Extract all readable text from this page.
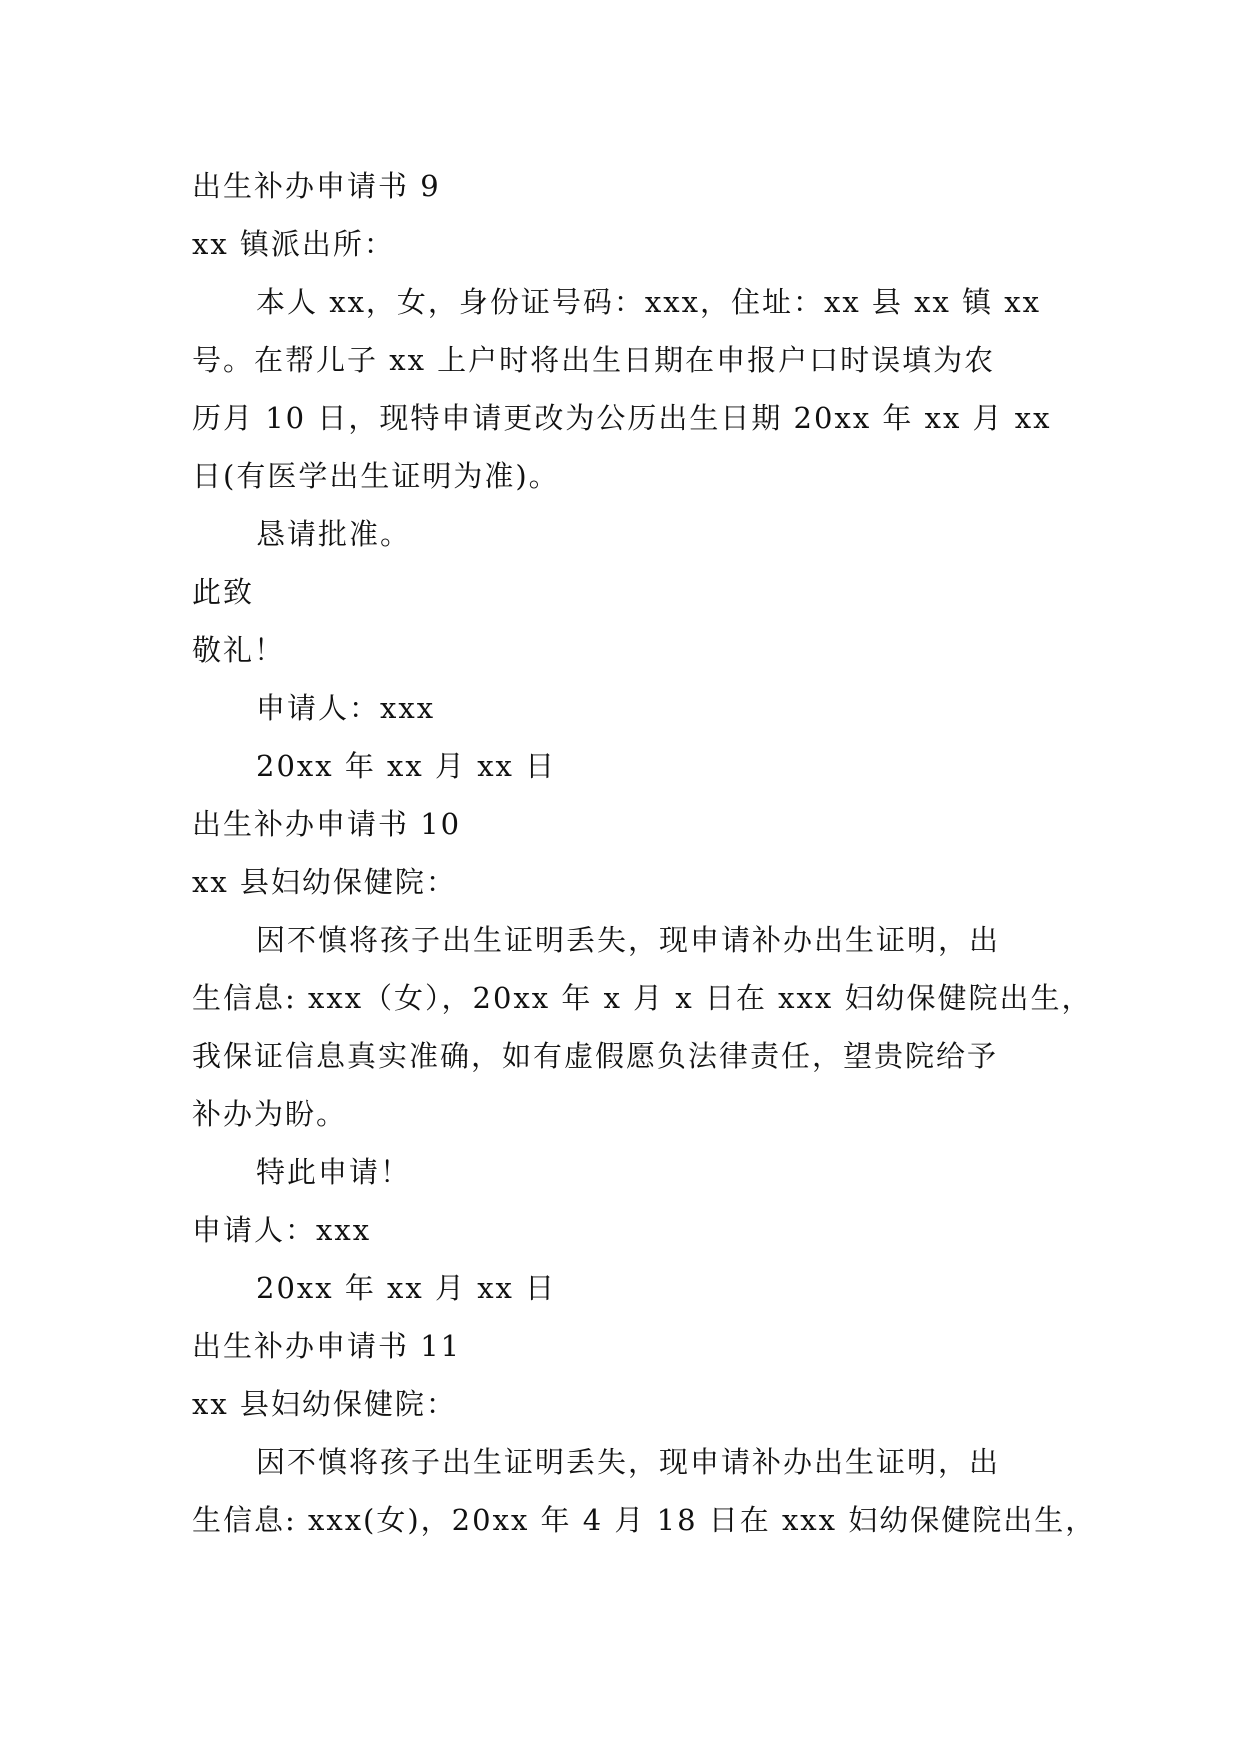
出生补办申请书 9
xx 镇派出所：
本人 xx，女，身份证号码：xxx，住址：xx 县 xx 镇 xx
号。在帮儿子 xx 上户时将出生日期在申报户口时误填为农
历月 10 日，现特申请更改为公历出生日期 20xx 年 xx 月 xx
日(有医学出生证明为准)。
恳请批准。
此致
敬礼！
申请人：xxx
20xx 年 xx 月 xx 日
出生补办申请书 10
xx 县妇幼保健院：
因不慎将孩子出生证明丢失，现申请补办出生证明，出
生信息: xxx（女），20xx 年 x 月 x 日在 xxx 妇幼保健院出生，
我保证信息真实准确，如有虚假愿负法律责任，望贵院给予
补办为盼。
特此申请！
申请人：xxx
20xx 年 xx 月 xx 日
出生补办申请书 11
xx 县妇幼保健院：
因不慎将孩子出生证明丢失，现申请补办出生证明，出
生信息: xxx(女)，20xx 年 4 月 18 日在 xxx 妇幼保健院出生，
